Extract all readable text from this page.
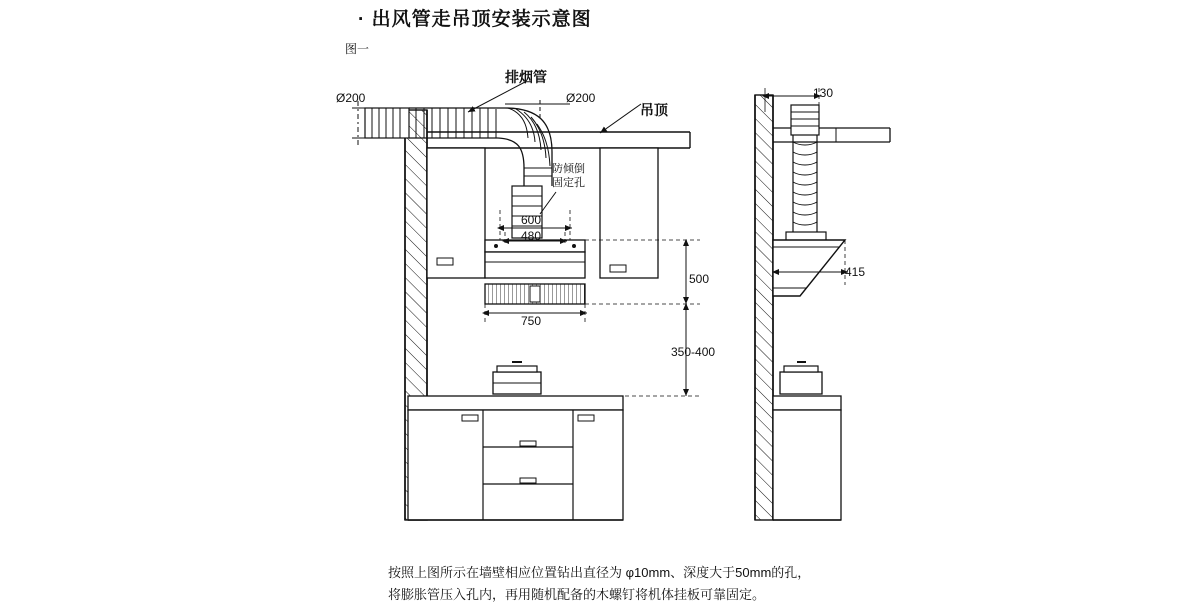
· 出风管走吊顶安装示意图
图一
排烟管
吊顶
防倾倒
固定孔
Ø200	Ø200
600
480
750
500
350-400
130
415
按照上图所示在墙壁相应位置钻出直径为 φ10mm、深度大于50mm的孔，
将膨胀管压入孔内，再用随机配备的木螺钉将机体挂板可靠固定。
